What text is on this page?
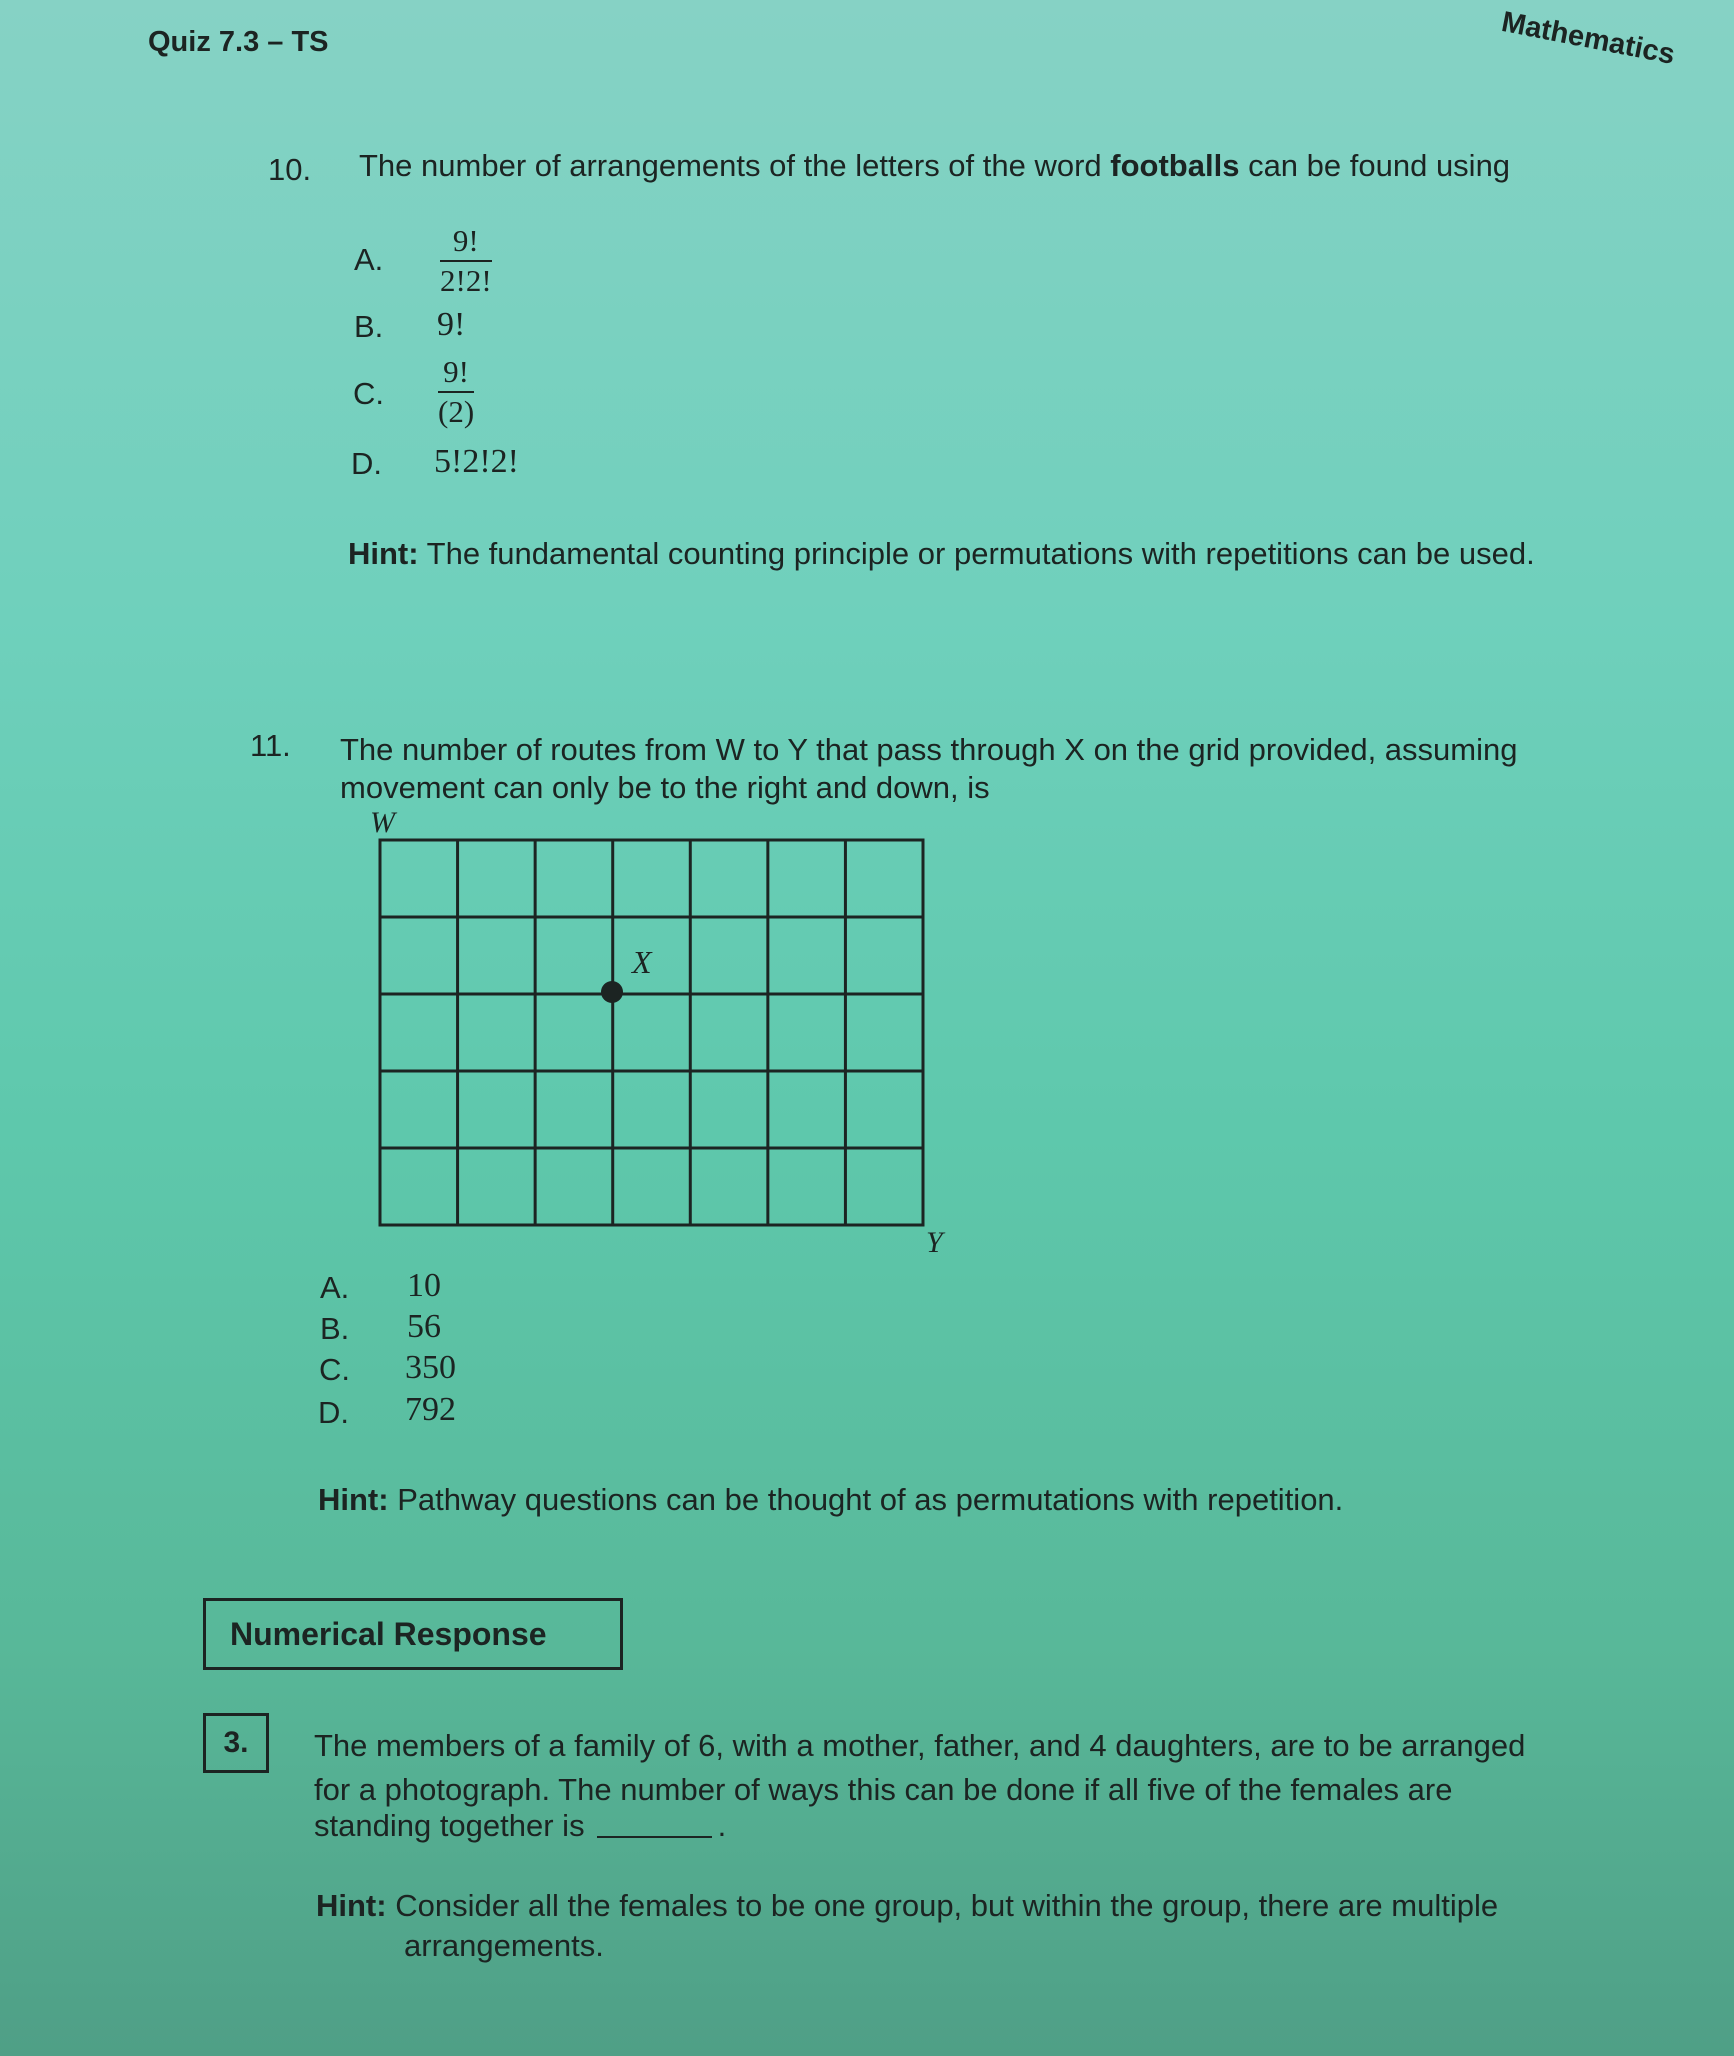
Quiz 7.3 – TS	Mathematics
10. The number of arrangements of the letters of the word footballs can be found using
A.
9!
2!2!
B. 9!
C.
9!
(2)
D. 5!2!2!
Hint: The fundamental counting principle or permutations with repetitions can be used.
11. The number of routes from W to Y that pass through X on the grid provided, assuming
movement can only be to the right and down, is
W
X
Y
A. 10
B. 56
C. 350
D. 792
Hint: Pathway questions can be thought of as permutations with repetition.
Numerical Response
3.	The members of a family of 6, with a mother, father, and 4 daughters, are to be arranged
for a photograph. The number of ways this can be done if all five of the females are
standing together is	.
Hint: Consider all the females to be one group, but within the group, there are multiple
arrangements.
